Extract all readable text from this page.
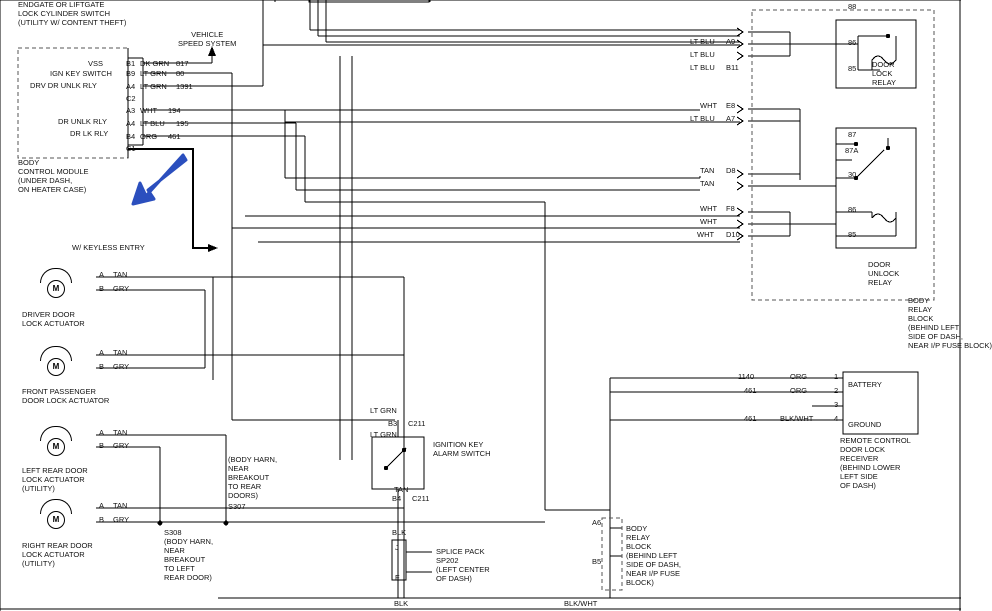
M
M
M
M
ENDGATE OR LIFTGATE
LOCK CYLINDER SWITCH
(UTILITY W/ CONTENT THEFT)
VEHICLE
SPEED SYSTEM
BODY
CONTROL MODULE
(UNDER DASH,
ON HEATER CASE)
W/ KEYLESS ENTRY
VSS
IGN KEY SWITCH
DRV DR UNLK RLY
DR UNLK RLY
DR LK RLY
B1 DK GRN 817
B9 LT GRN 80
A4 LT GRN 1391
C2
A3 WHT 194
A4 LT BLU 195
B4 ORG 461
C1
A TAN
B GRY
DRIVER DOOR
LOCK ACTUATOR
A TAN
B GRY
FRONT PASSENGER
DOOR LOCK ACTUATOR
A TAN
B GRY
LEFT REAR DOOR
LOCK ACTUATOR
(UTILITY)
A TAN
B GRY
RIGHT REAR DOOR
LOCK ACTUATOR
(UTILITY)
(BODY HARN,
NEAR
BREAKOUT
TO REAR
DOORS)
S307
S308
(BODY HARN,
NEAR
BREAKOUT
TO LEFT
REAR DOOR)
LT GRN
B3 C211
LT GRN
IGNITION KEY
ALARM SWITCH
TAN
B4 C211
BLK
J
F
SPLICE PACK
SP202
(LEFT CENTER
OF DASH)
BLK
A6
B5
BODY
RELAY
BLOCK
(BEHIND LEFT
SIDE OF DASH,
NEAR I/P FUSE
BLOCK)
BLK/WHT
LT BLU A9
LT BLU
LT BLU B11
WHT E8
LT BLU A7
TAN D8
TAN
WHT F8
WHT
WHT D10
88
86
85 DOOR
LOCK
RELAY
87
87A
30
86
85
DOOR
UNLOCK
RELAY
BODY
RELAY
BLOCK
(BEHIND LEFT
SIDE OF DASH,
NEAR I/P FUSE BLOCK)
1140	ORG	1
BATTERY
461	ORG	2
3
461	BLK/WHT	4
GROUND
REMOTE CONTROL
DOOR LOCK
RECEIVER
(BEHIND LOWER
LEFT SIDE
OF DASH)
